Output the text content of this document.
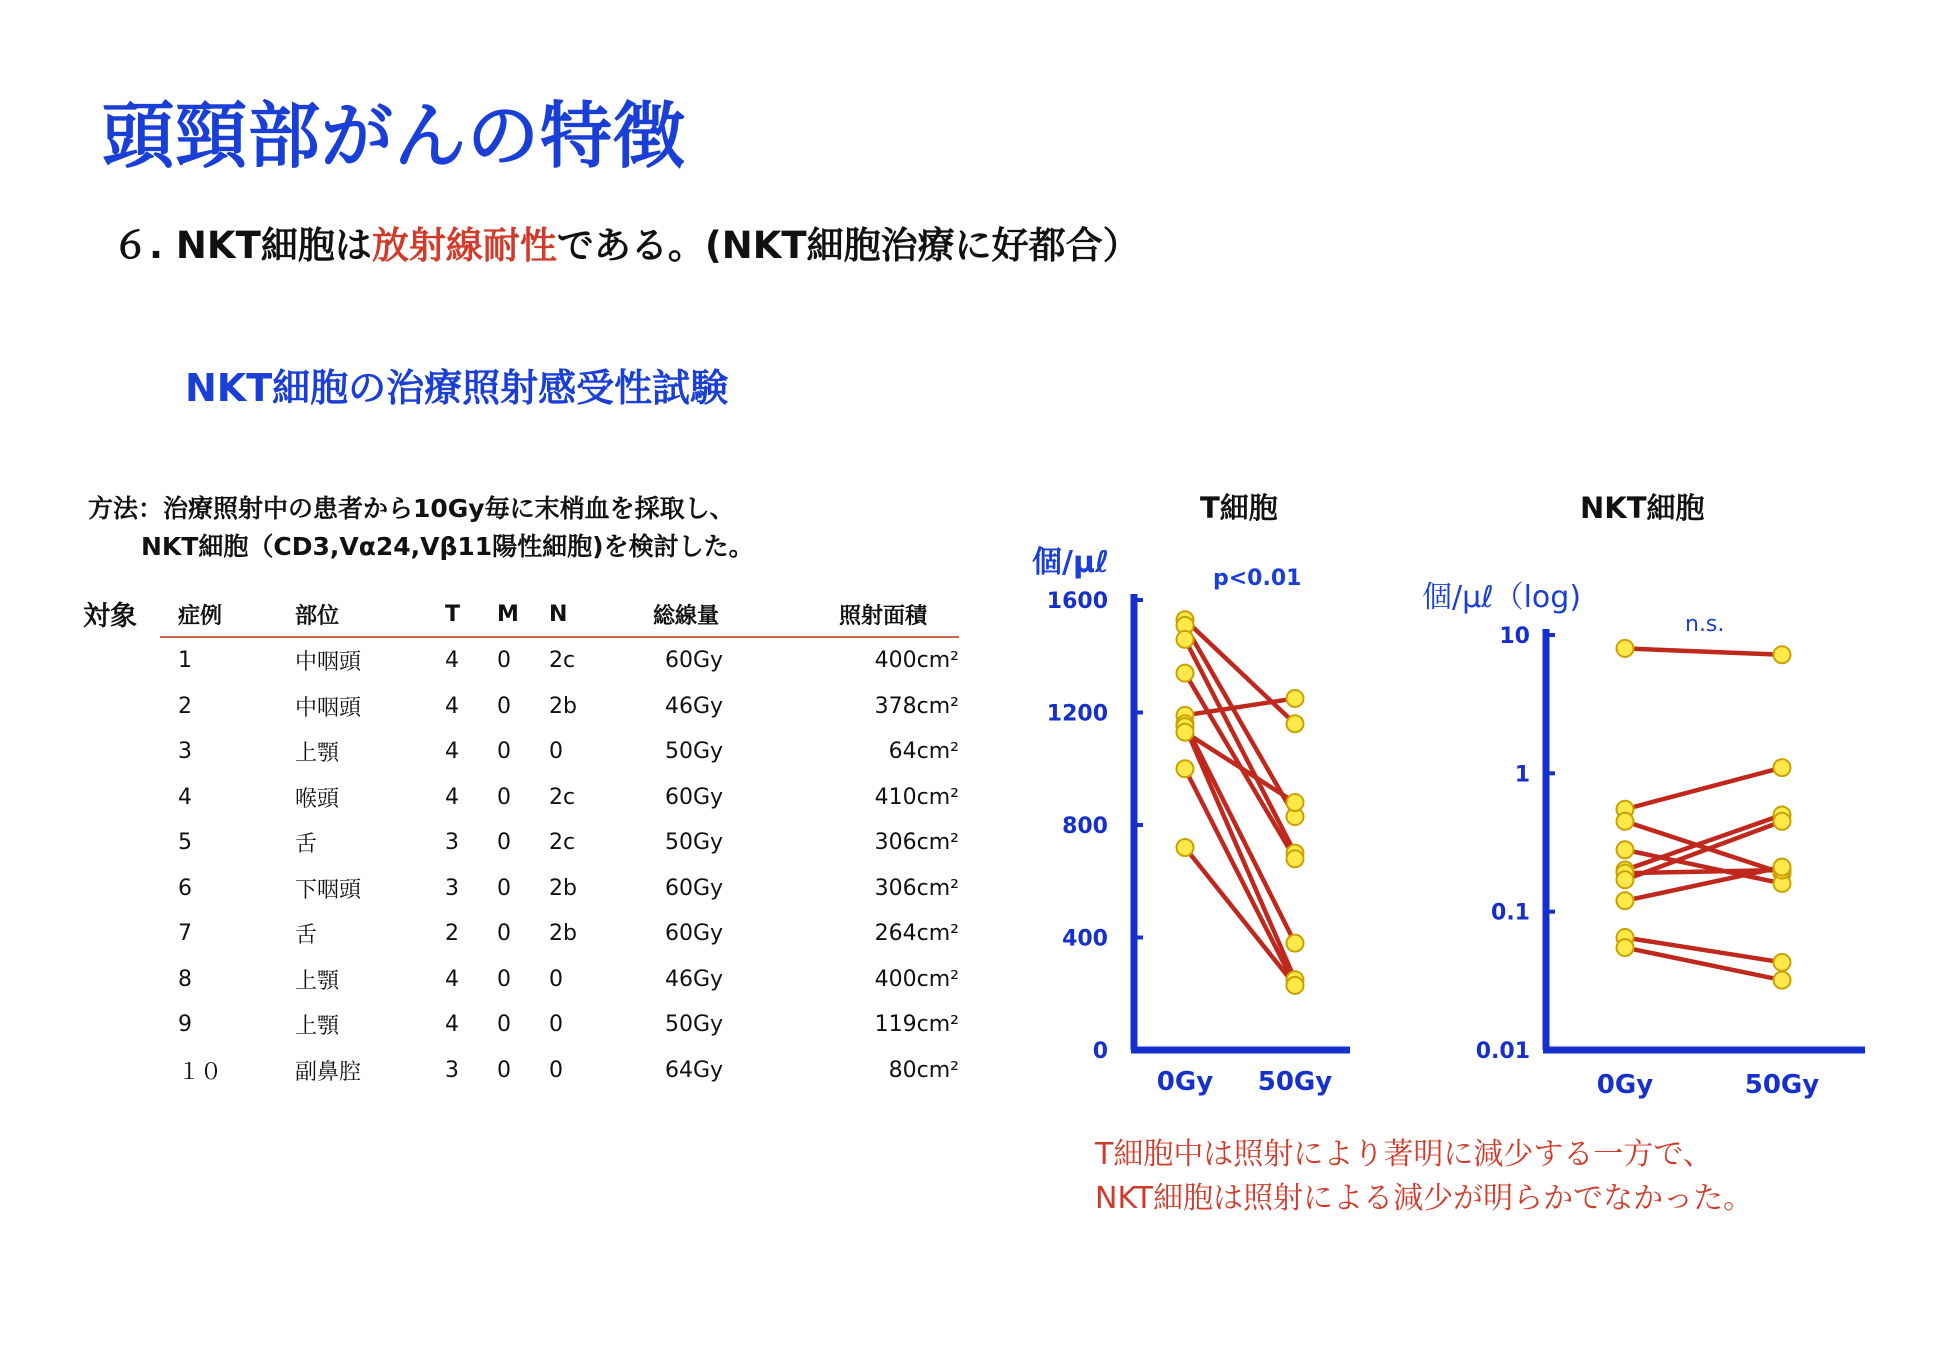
頭頸部がんの特徴
６. NKT細胞は放射線耐性である。(NKT細胞治療に好都合）
NKT細胞の治療照射感受性試験
方法：治療照射中の患者から10Gy毎に末梢血を採取し、
NKT細胞（CD3,Vα24,Vβ11陽性細胞)を検討した。
対象 症例	部位	T	M	N	総線量	照射面積
1	中咽頭	4	0	2c	60Gy	400cm²
2	中咽頭	4	0	2b	46Gy	378cm²
3	上顎	4	0	0	50Gy	64cm²
4	喉頭	4	0	2c	60Gy	410cm²
5	舌	3	0	2c	50Gy	306cm²
6	下咽頭	3	0	2b	60Gy	306cm²
7	舌	2	0	2b	60Gy	264cm²
8	上顎	4	0	0	46Gy	400cm²
9	上顎	4	0	0	50Gy	119cm²
１０	副鼻腔	3	0	0	64Gy	80cm²
T細胞
個/μℓ	p<0.01
NKT細胞
個/μℓ（log)
n.s.
0
400
800
1200
1600
0Gy 50Gy
0.01
0.1
1
10
0Gy	50Gy
T細胞中は照射により著明に減少する一方で、
NKT細胞は照射による減少が明らかでなかった。
